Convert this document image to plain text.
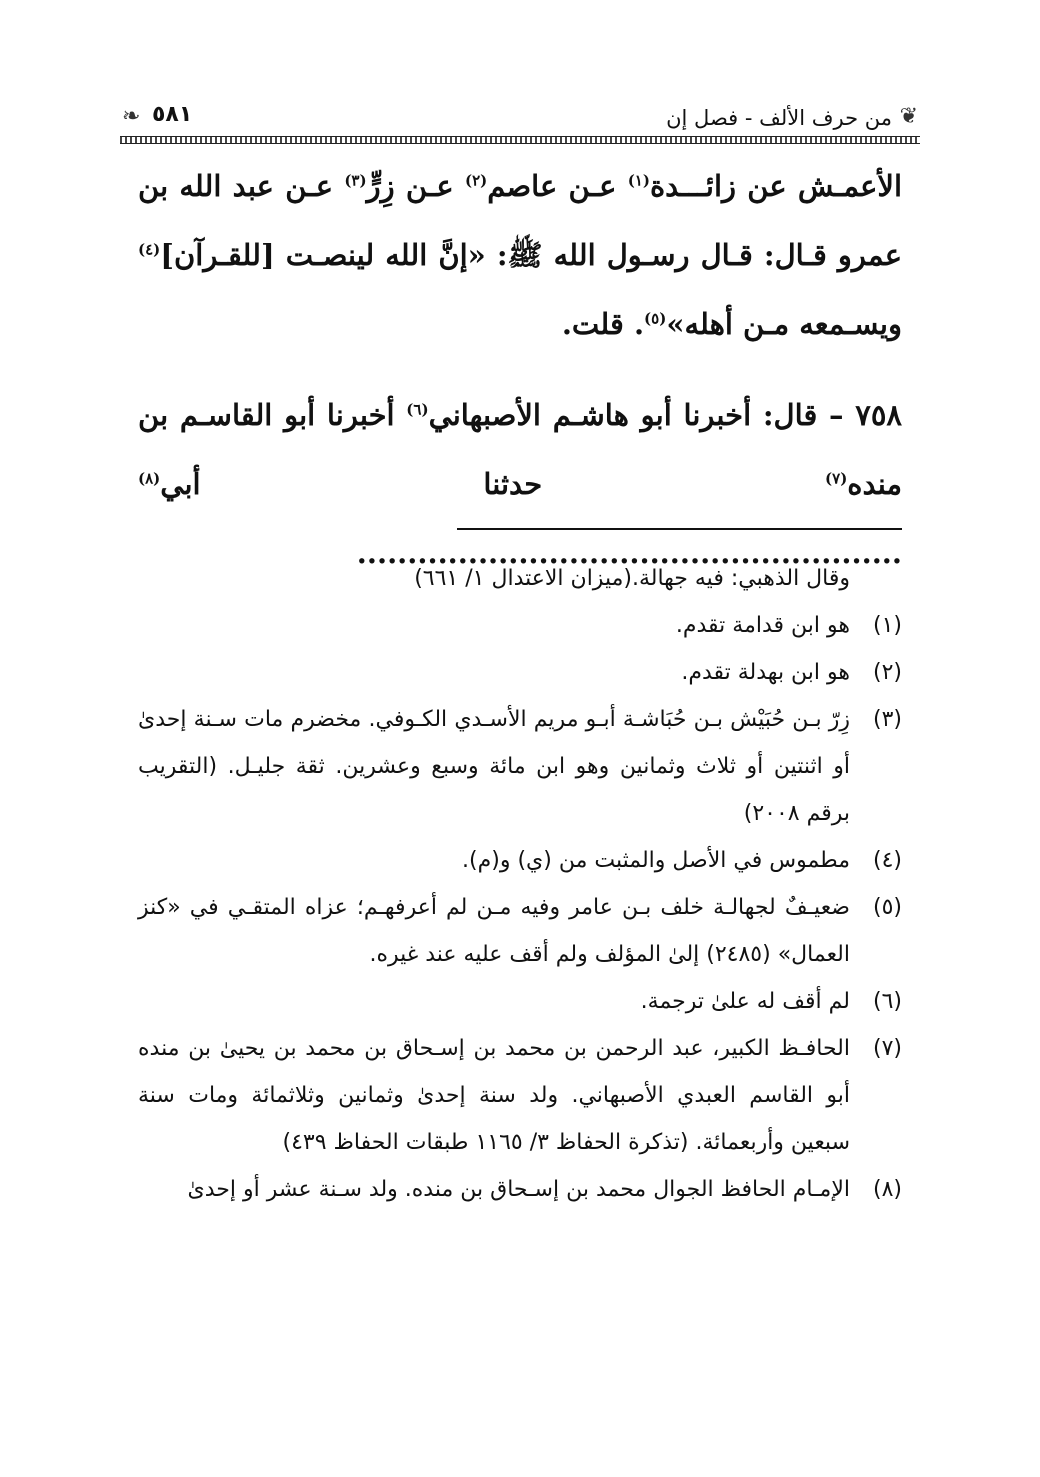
❦
من حرف الألف - فصل إن
٥٨١
❧

الأعمـش عن زائـــدة$^{(١)}$ عـن عاصم$^{(٢)}$ عـن زِرٍّ$^{(٣)}$ عـن عبد الله بن عمرو قـال: قـال رسـول الله ﷺ: «إنَّ الله لينصـت [للقـرآن]$^{(٤)}$ ويسـمعه مـن أهله»$^{(٥)}$. قلت.

٧٥٨ – قال: أخبرنا أبو هاشـم الأصبهاني$^{(٦)}$ أخبرنا أبو القاسـم بن منده$^{(٧)}$ حدثنا أبي$^{(٨)}$ ......................................................

وقال الذهبي: فيه جهالة.(ميزان الاعتدال ١/ ٦٦١)

(١)
هو ابن قدامة تقدم.
(٢)
هو ابن بهدلة تقدم.
(٣)
زِرّ بـن حُبَيْش بـن حُبَاشـة أبـو مريم الأسـدي الكـوفي. مخضرم مات سـنة إحدىٰ أو اثنتين أو ثلاث وثمانين وهو ابن مائة وسبع وعشرين. ثقة جليـل. (التقريب برقم ٢٠٠٨)
(٤)
مطموس في الأصل والمثبت من (ي) و(م).
(٥)
ضعيـفٌ لجهالـة خلف بـن عامر وفيه مـن لم أعرفهـم؛ عزاه المتقـي في «كنز العمال» (٢٤٨٥) إلىٰ المؤلف ولم أقف عليه عند غيره.
(٦)
لم أقف له علىٰ ترجمة.
(٧)
الحافـظ الكبير، عبد الرحمن بن محمد بن إسـحاق بن محمد بن يحيىٰ بن منده أبو القاسم العبدي الأصبهاني. ولد سنة إحدىٰ وثمانين وثلاثمائة ومات سنة سبعين وأربعمائة. (تذكرة الحفاظ ٣/ ١١٦٥ طبقات الحفاظ ٤٣٩)
(٨)
الإمـام الحافظ الجوال محمد بن إسـحاق بن منده. ولد سـنة عشر أو إحدىٰ
